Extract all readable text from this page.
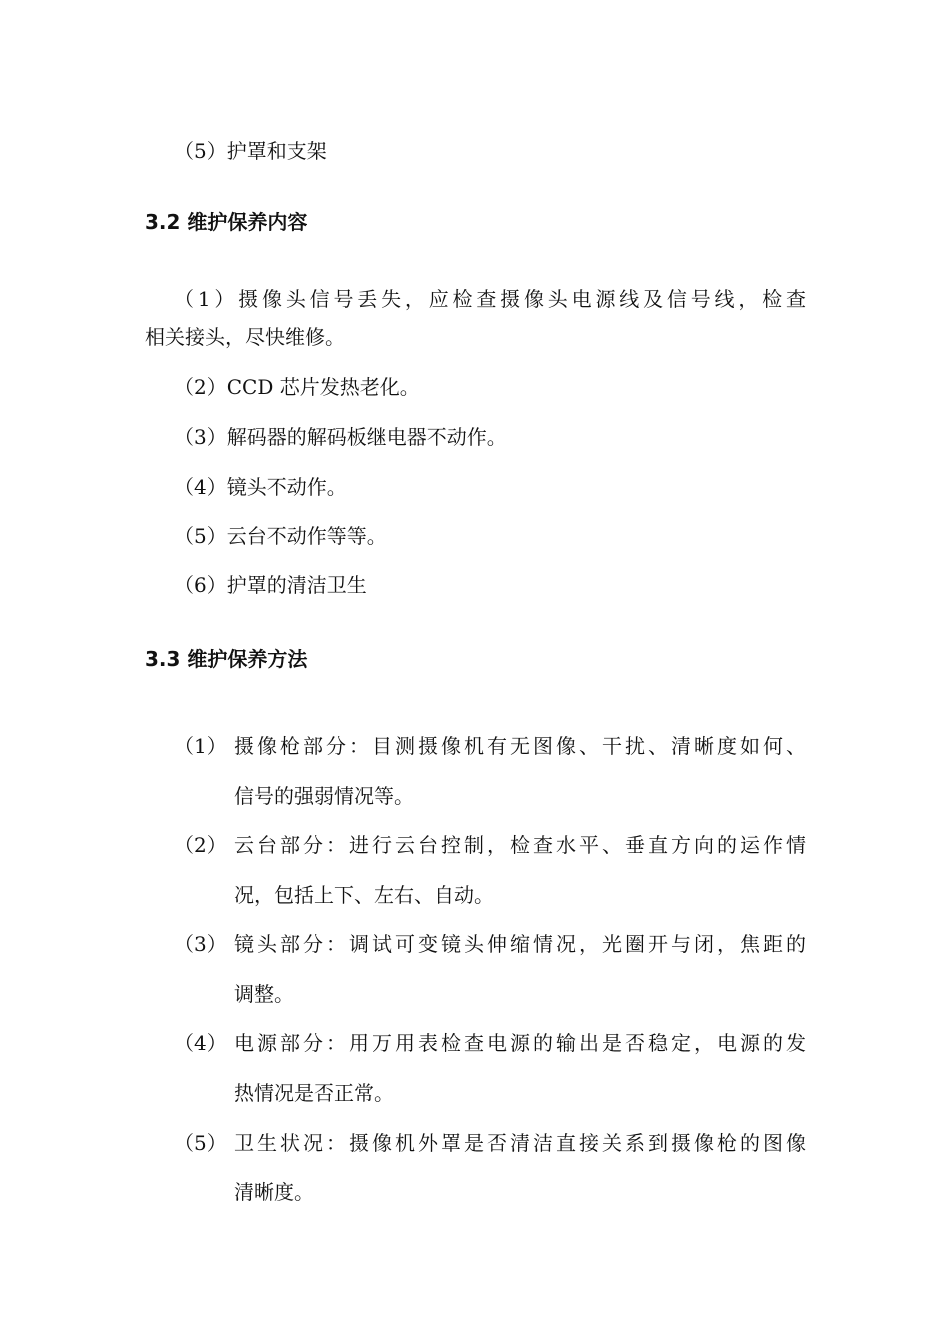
（5）护罩和支架
3.2 维护保养内容
（1）摄像头信号丢失，应检查摄像头电源线及信号线，检查
相关接头，尽快维修。
（2）CCD 芯片发热老化。
（3）解码器的解码板继电器不动作。
（4）镜头不动作。
（5）云台不动作等等。
（6）护罩的清洁卫生
3.3 维护保养方法
（1） 摄像枪部分：目测摄像机有无图像、干扰、清晰度如何、
信号的强弱情况等。
（2） 云台部分：进行云台控制，检查水平、垂直方向的运作情
况，包括上下、左右、自动。
（3） 镜头部分：调试可变镜头伸缩情况，光圈开与闭，焦距的
调整。
（4） 电源部分：用万用表检查电源的输出是否稳定，电源的发
热情况是否正常。
（5） 卫生状况：摄像机外罩是否清洁直接关系到摄像枪的图像
清晰度。
